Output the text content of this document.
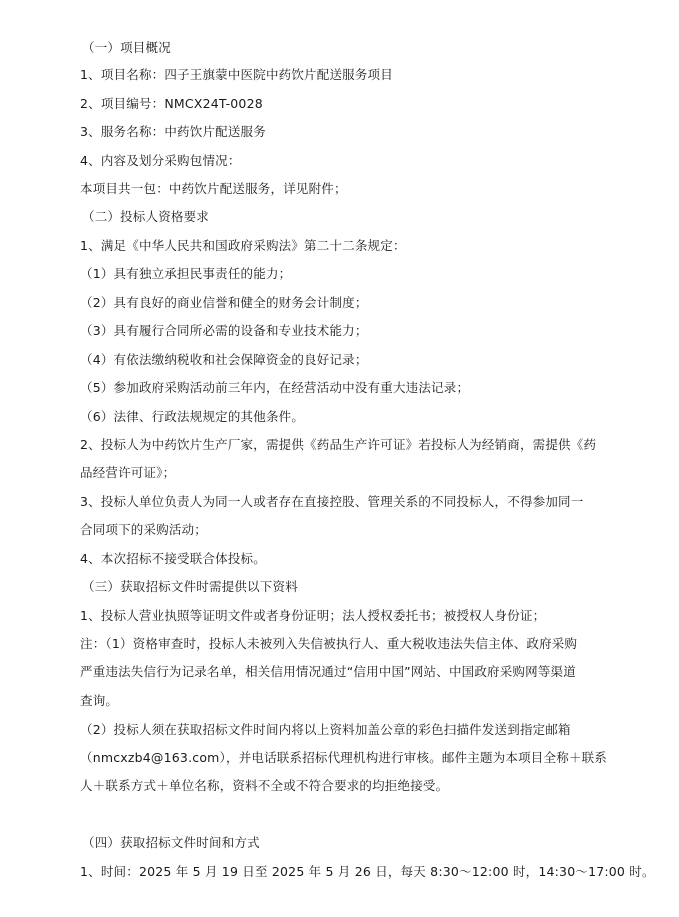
（一）项目概况
1、项目名称：四子王旗蒙中医院中药饮片配送服务项目
2、项目编号：NMCX24T-0028
3、服务名称：中药饮片配送服务
4、内容及划分采购包情况：
本项目共一包：中药饮片配送服务，详见附件；
（二）投标人资格要求
1、满足《中华人民共和国政府采购法》第二十二条规定：
（1）具有独立承担民事责任的能力；
（2）具有良好的商业信誉和健全的财务会计制度；
（3）具有履行合同所必需的设备和专业技术能力；
（4）有依法缴纳税收和社会保障资金的良好记录；
（5）参加政府采购活动前三年内，在经营活动中没有重大违法记录；
（6）法律、行政法规规定的其他条件。
2、投标人为中药饮片生产厂家，需提供《药品生产许可证》若投标人为经销商，需提供《药
品经营许可证》；
3、投标人单位负责人为同一人或者存在直接控股、管理关系的不同投标人，不得参加同一
合同项下的采购活动；
4、本次招标不接受联合体投标。
（三）获取招标文件时需提供以下资料
1、投标人营业执照等证明文件或者身份证明；法人授权委托书；被授权人身份证；
注：（1）资格审查时，投标人未被列入失信被执行人、重大税收违法失信主体、政府采购
严重违法失信行为记录名单，相关信用情况通过“信用中国”网站、中国政府采购网等渠道
查询。
（2）投标人须在获取招标文件时间内将以上资料加盖公章的彩色扫描件发送到指定邮箱
（nmcxzb4@163.com），并电话联系招标代理机构进行审核。邮件主题为本项目全称＋联系
人＋联系方式＋单位名称，资料不全或不符合要求的均拒绝接受。
（四）获取招标文件时间和方式
1、时间：2025 年 5 月 19 日至 2025 年 5 月 26 日，每天 8:30～12:00 时，14:30～17:00 时。
